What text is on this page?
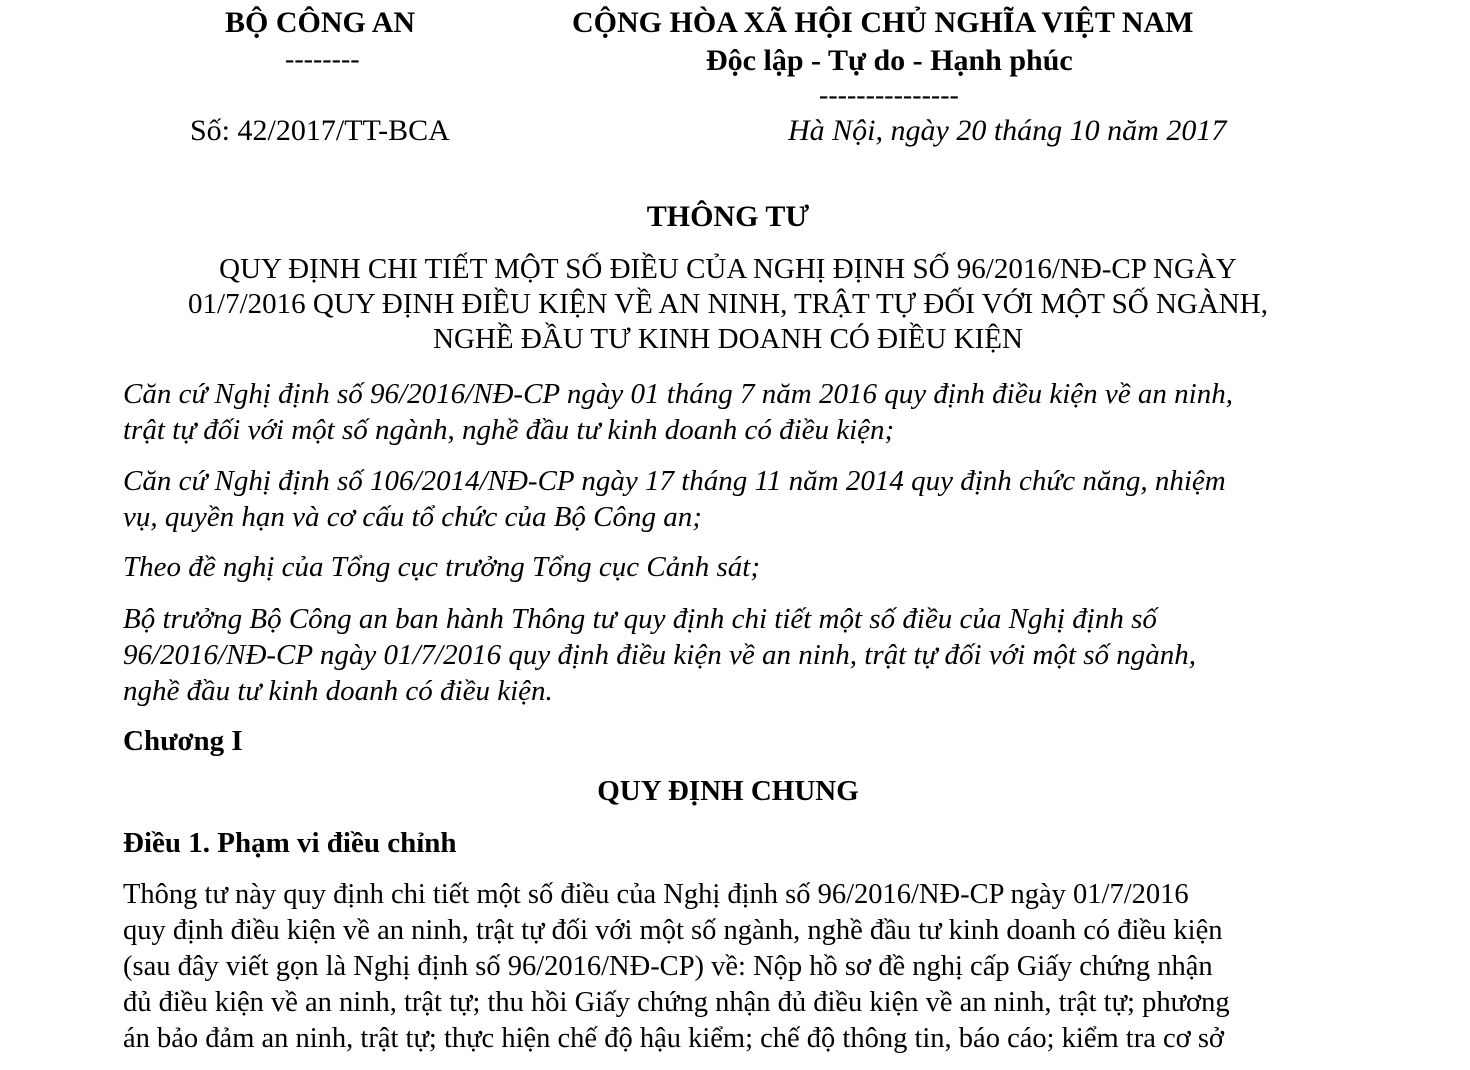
BỘ CÔNG AN
--------
CỘNG HÒA XÃ HỘI CHỦ NGHĨA VIỆT NAM
Độc lập - Tự do - Hạnh phúc
---------------
Số: 42/2017/TT-BCA	Hà Nội, ngày 20 tháng 10 năm 2017
THÔNG TƯ
QUY ĐỊNH CHI TIẾT MỘT SỐ ĐIỀU CỦA NGHỊ ĐỊNH SỐ 96/2016/NĐ-CP NGÀY
01/7/2016 QUY ĐỊNH ĐIỀU KIỆN VỀ AN NINH, TRẬT TỰ ĐỐI VỚI MỘT SỐ NGÀNH,
NGHỀ ĐẦU TƯ KINH DOANH CÓ ĐIỀU KIỆN
Căn cứ Nghị định số 96/2016/NĐ-CP ngày 01 tháng 7 năm 2016 quy định điều kiện về an ninh,
trật tự đối với một số ngành, nghề đầu tư kinh doanh có điều kiện;
Căn cứ Nghị định số 106/2014/NĐ-CP ngày 17 tháng 11 năm 2014 quy định chức năng, nhiệm
vụ, quyền hạn và cơ cấu tổ chức của Bộ Công an;
Theo đề nghị của Tổng cục trưởng Tổng cục Cảnh sát;
Bộ trưởng Bộ Công an ban hành Thông tư quy định chi tiết một số điều của Nghị định số
96/2016/NĐ-CP ngày 01/7/2016 quy định điều kiện về an ninh, trật tự đối với một số ngành,
nghề đầu tư kinh doanh có điều kiện.
Chương I
QUY ĐỊNH CHUNG
Điều 1. Phạm vi điều chỉnh
Thông tư này quy định chi tiết một số điều của Nghị định số 96/2016/NĐ-CP ngày 01/7/2016
quy định điều kiện về an ninh, trật tự đối với một số ngành, nghề đầu tư kinh doanh có điều kiện
(sau đây viết gọn là Nghị định số 96/2016/NĐ-CP) về: Nộp hồ sơ đề nghị cấp Giấy chứng nhận
đủ điều kiện về an ninh, trật tự; thu hồi Giấy chứng nhận đủ điều kiện về an ninh, trật tự; phương
án bảo đảm an ninh, trật tự; thực hiện chế độ hậu kiểm; chế độ thông tin, báo cáo; kiểm tra cơ sở
